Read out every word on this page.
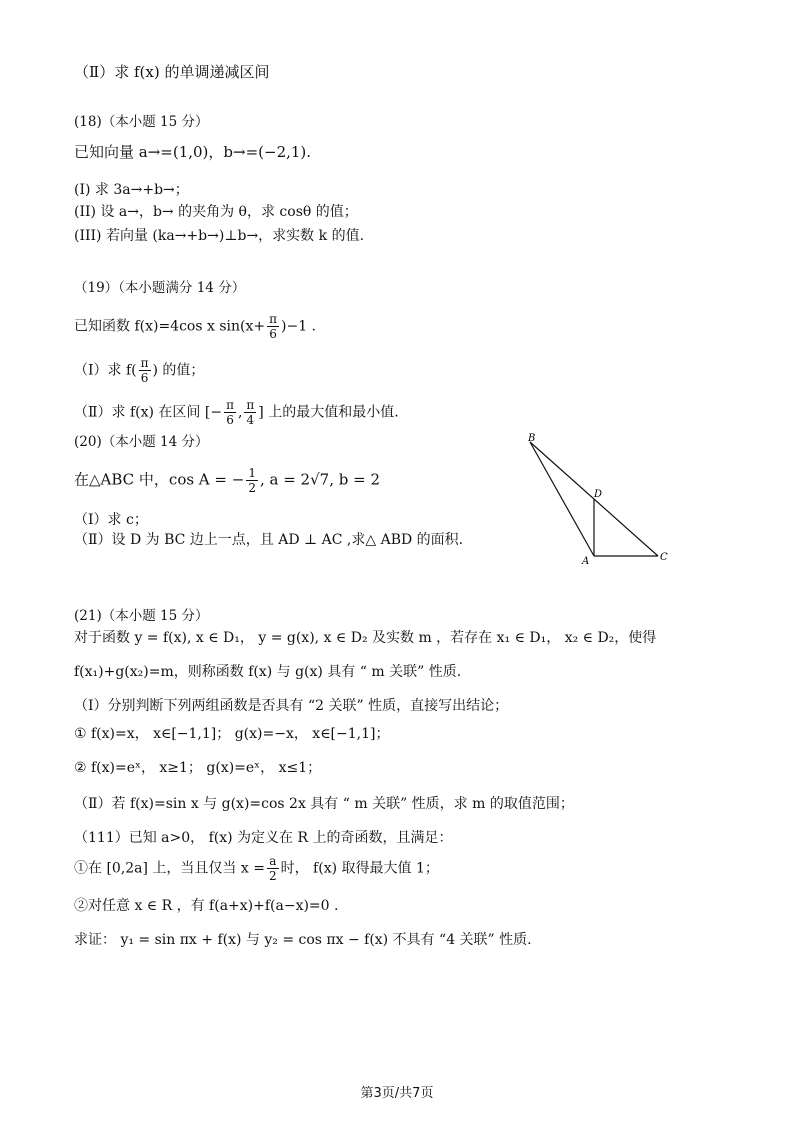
（Ⅱ）求 f(x) 的单调递减区间
(18)（本小题 15 分）
已知向量 a→=(1,0)，b→=(−2,1).
(I) 求 3a→+b→；
(II) 设 a→，b→ 的夹角为 θ，求 cosθ 的值；
(III) 若向量 (ka→+b→)⊥b→，求实数 k 的值.
（19）（本小题满分 14 分）
已知函数 f(x)=4cos x $\sin(x+ \frac{\pi}{6} )-1$ .
（Ⅰ）求 $f( \frac{\pi}{6}$ ) 的值；
（Ⅱ）求 f(x) 在区间 [− $\frac{\pi}{6}$ , $\frac{\pi}{4}$ ] 上的最大值和最小值.
(20)（本小题 14 分）
在△ABC 中，cos A = − $\frac{1}{2}$ , a = 2√7, b = 2
（Ⅰ）求 c；
（Ⅱ）设 D 为 BC 边上一点，且 AD ⊥ AC ,求△ ABD 的面积.
B
D
A	C
(21)（本小题 15 分）
对于函数 y = f(x), x ∈ D₁， y = g(x), x ∈ D₂ 及实数 m ，若存在 x₁ ∈ D₁， x₂ ∈ D₂，使得
f(x₁)+g(x₂)=m，则称函数 f(x) 与 g(x) 具有 “ m 关联” 性质.
（Ⅰ）分别判断下列两组函数是否具有 “2 关联” 性质，直接写出结论；
① f(x)=x， x∈[−1,1]； g(x)=−x， x∈[−1,1]；
② f(x)=eˣ， x≥1； g(x)=eˣ， x≤1；
（Ⅱ）若 f(x)=sin x 与 g(x)=cos 2x 具有 “ m 关联” 性质，求 m 的取值范围；
（111）已知 a>0， f(x) 为定义在 R 上的奇函数，且满足：
①在 [0,2a] 上，当且仅当 $x = \frac{a}{2}$ 时， f(x) 取得最大值 1；
②对任意 x ∈ R ，有 f(a+x)+f(a−x)=0 .
求证： y₁ = sin πx + f(x) 与 y₂ = cos πx − f(x) 不具有 “4 关联” 性质.
第3页/共7页
